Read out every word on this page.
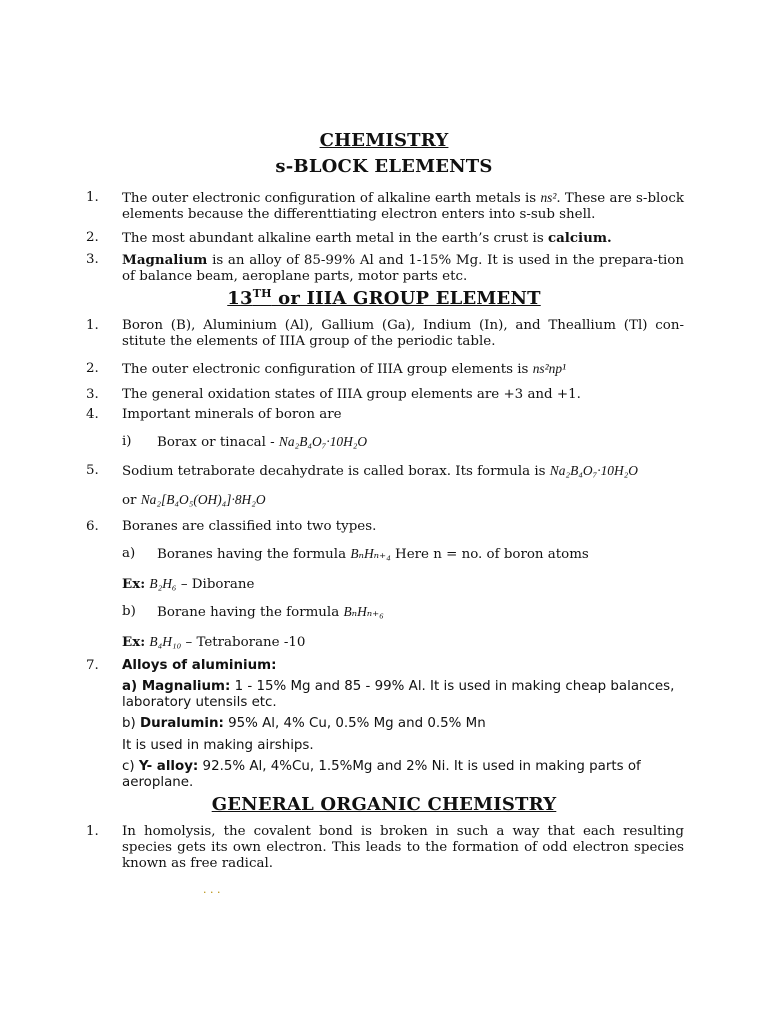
CHEMISTRY

s-BLOCK ELEMENTS

1.	The outer electronic configuration of alkaline earth metals is ns². These are s-block elements because the differenttiating electron enters into s-sub shell.
2.	The most abundant alkaline earth metal in the earth’s crust is calcium.
3.	Magnalium is an alloy of 85-99% Al and 1-15% Mg. It is used in the prepara-tion of balance beam, aeroplane parts, motor parts etc.

13TH or IIIA GROUP ELEMENT

1.	Boron (B), Aluminium (Al), Gallium (Ga), Indium (In), and Theallium (Tl) con-stitute the elements of IIIA group of the periodic table.
2.	The outer electronic configuration of IIIA group elements is ns²np¹
3.	The general oxidation states of IIIA group elements are +3 and +1.
4.	Important minerals of boron are
i)	Borax or tinacal - Na₂B₄O₇·10H₂O
5.	Sodium tetraborate decahydrate is called borax. Its formula is Na₂B₄O₇·10H₂O
or Na₂[B₄O₅(OH)₄]·8H₂O
6.	Boranes are classified into two types.
a)	Boranes having the formula BₙHₙ₊₄ Here n = no. of boron atoms
Ex: B₂H₆ – Diborane
b)	Borane having the formula BₙHₙ₊₆
Ex: B₄H₁₀ – Tetraborane -10
7.	Alloys of aluminium:
a) Magnalium: 1 - 15% Mg and 85 - 99% Al. It is used in making cheap balances, laboratory utensils etc.
b) Duralumin: 95% Al, 4% Cu, 0.5% Mg and 0.5% Mn
It is used in making airships.
c) Y- alloy: 92.5% Al, 4%Cu, 1.5%Mg and 2% Ni. It is used in making parts of aeroplane.

GENERAL ORGANIC CHEMISTRY

1.	In homolysis, the covalent bond is broken in such a way that each resulting species gets its own electron. This leads to the formation of odd electron species known as free radical.
· · ·
